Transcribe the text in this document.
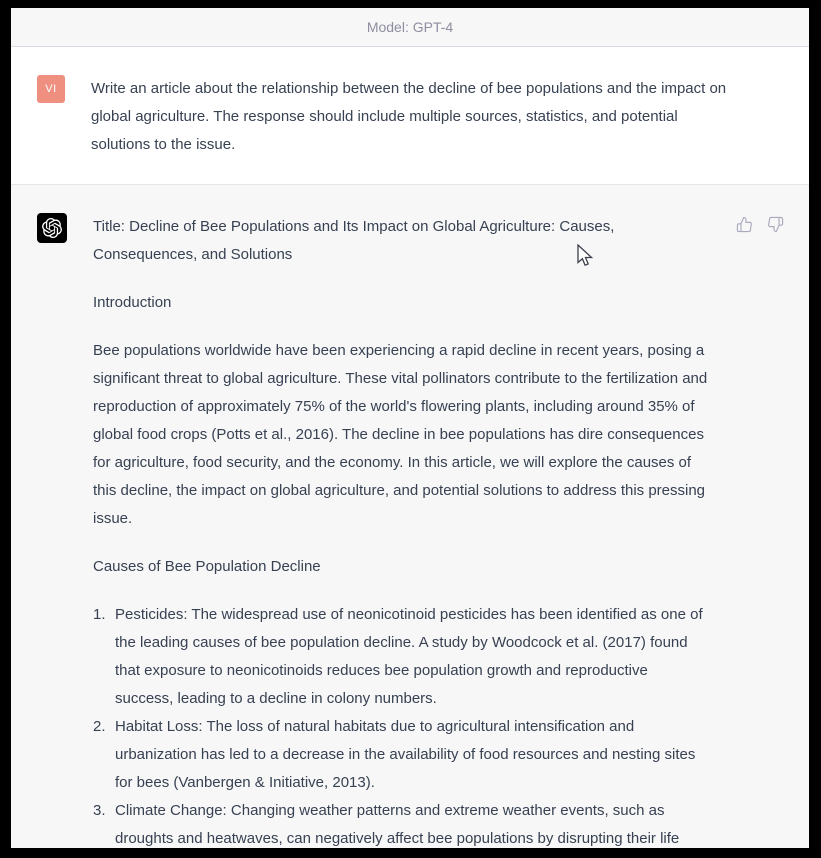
Model: GPT-4
VI	Write an article about the relationship between the decline of bee populations and the impact on global agriculture. The response should include multiple sources, statistics, and potential solutions to the issue.

Title: Decline of Bee Populations and Its Impact on Global Agriculture: Causes, Consequences, and Solutions

Introduction

Bee populations worldwide have been experiencing a rapid decline in recent years, posing a significant threat to global agriculture. These vital pollinators contribute to the fertilization and reproduction of approximately 75% of the world's flowering plants, including around 35% of global food crops (Potts et al., 2016). The decline in bee populations has dire consequences for agriculture, food security, and the economy. In this article, we will explore the causes of this decline, the impact on global agriculture, and potential solutions to address this pressing issue.

Causes of Bee Population Decline

1. Pesticides: The widespread use of neonicotinoid pesticides has been identified as one of the leading causes of bee population decline. A study by Woodcock et al. (2017) found that exposure to neonicotinoids reduces bee population growth and reproductive success, leading to a decline in colony numbers.
2. Habitat Loss: The loss of natural habitats due to agricultural intensification and urbanization has led to a decrease in the availability of food resources and nesting sites for bees (Vanbergen & Initiative, 2013).
3. Climate Change: Changing weather patterns and extreme weather events, such as droughts and heatwaves, can negatively affect bee populations by disrupting their life
